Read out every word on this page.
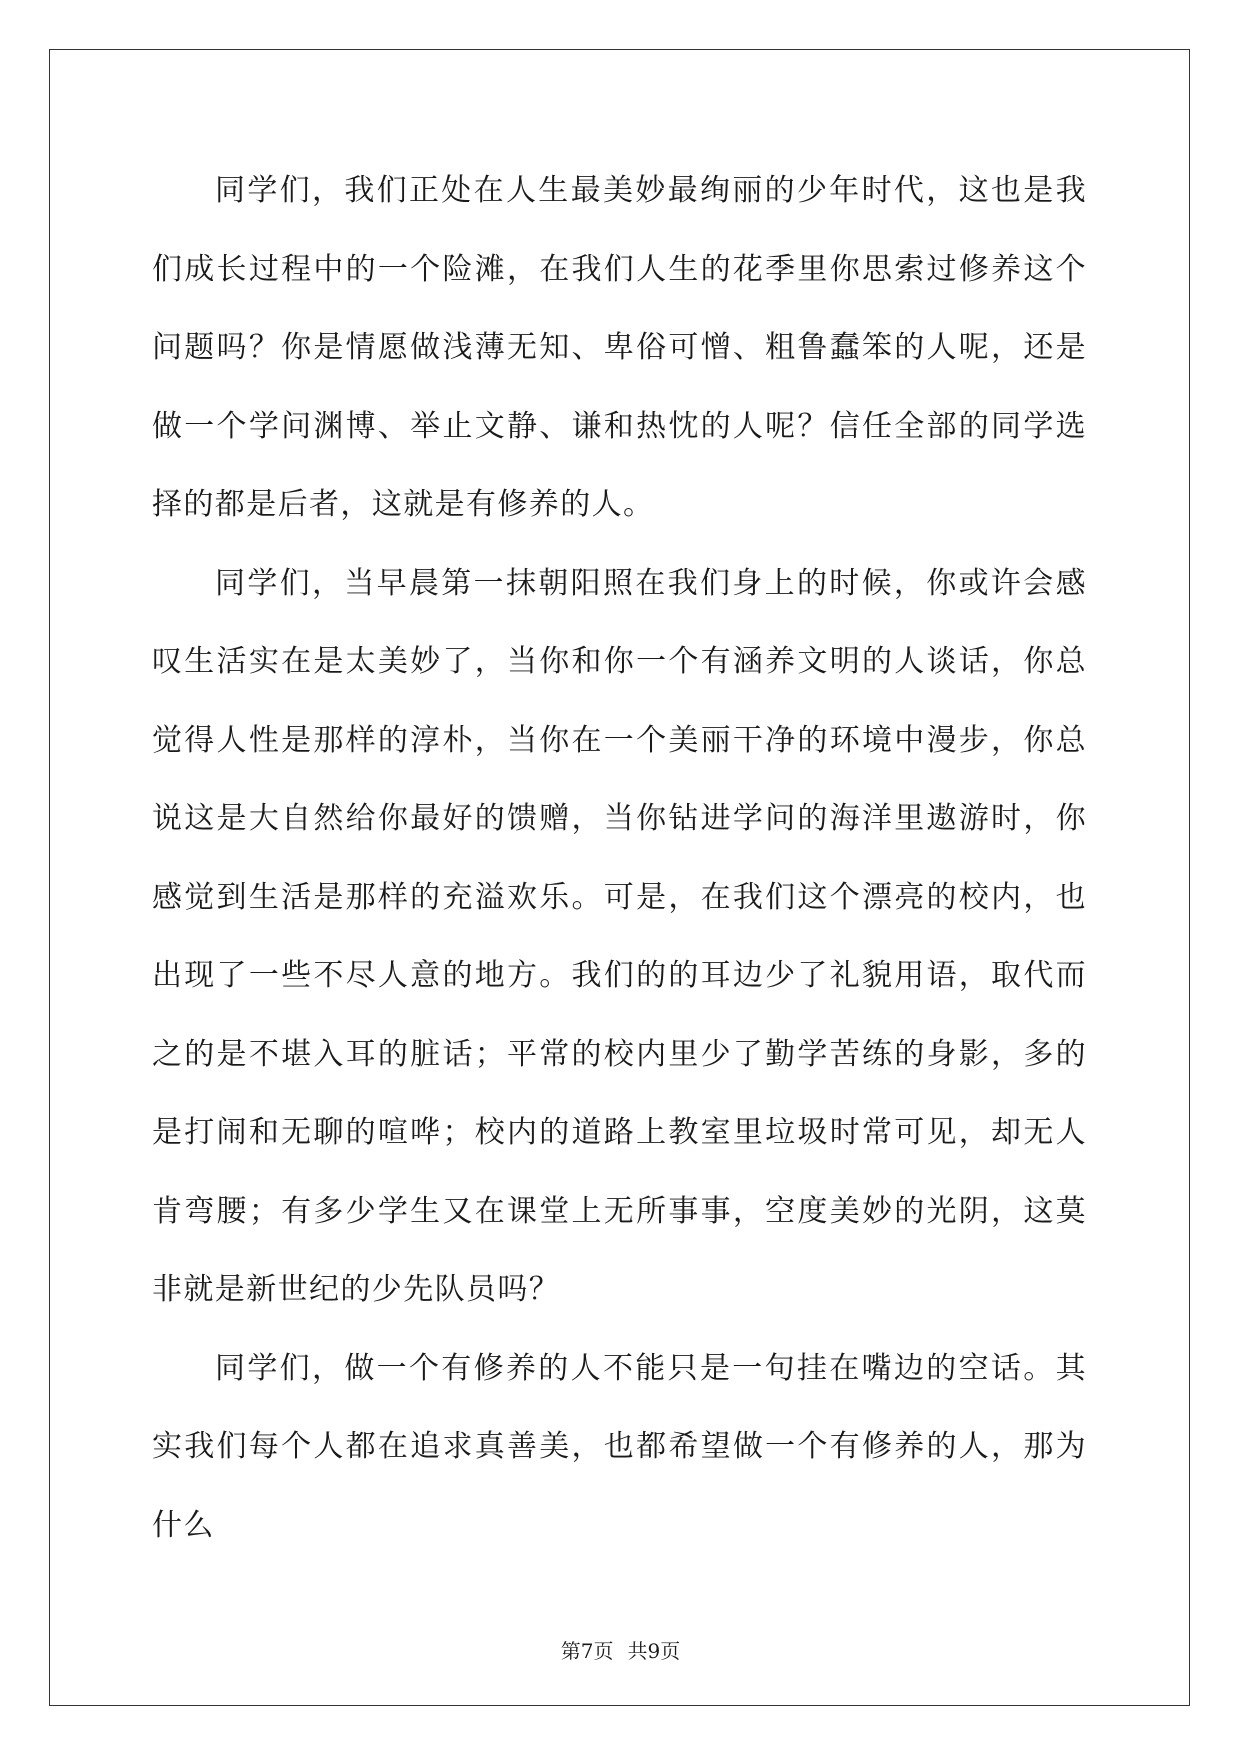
同学们，我们正处在人生最美妙最绚丽的少年时代，这也是我们成长过程中的一个险滩，在我们人生的花季里你思索过修养这个问题吗？你是情愿做浅薄无知、卑俗可憎、粗鲁蠢笨的人呢，还是做一个学问渊博、举止文静、谦和热忱的人呢？信任全部的同学选择的都是后者，这就是有修养的人。

同学们，当早晨第一抹朝阳照在我们身上的时候，你或许会感叹生活实在是太美妙了，当你和你一个有涵养文明的人谈话，你总觉得人性是那样的淳朴，当你在一个美丽干净的环境中漫步，你总说这是大自然给你最好的馈赠，当你钻进学问的海洋里遨游时，你感觉到生活是那样的充溢欢乐。可是，在我们这个漂亮的校内，也出现了一些不尽人意的地方。我们的的耳边少了礼貌用语，取代而之的是不堪入耳的脏话；平常的校内里少了勤学苦练的身影，多的是打闹和无聊的喧哗；校内的道路上教室里垃圾时常可见，却无人肯弯腰；有多少学生又在课堂上无所事事，空度美妙的光阴，这莫非就是新世纪的少先队员吗？

同学们，做一个有修养的人不能只是一句挂在嘴边的空话。其实我们每个人都在追求真善美，也都希望做一个有修养的人，那为什么

第7页 共9页
